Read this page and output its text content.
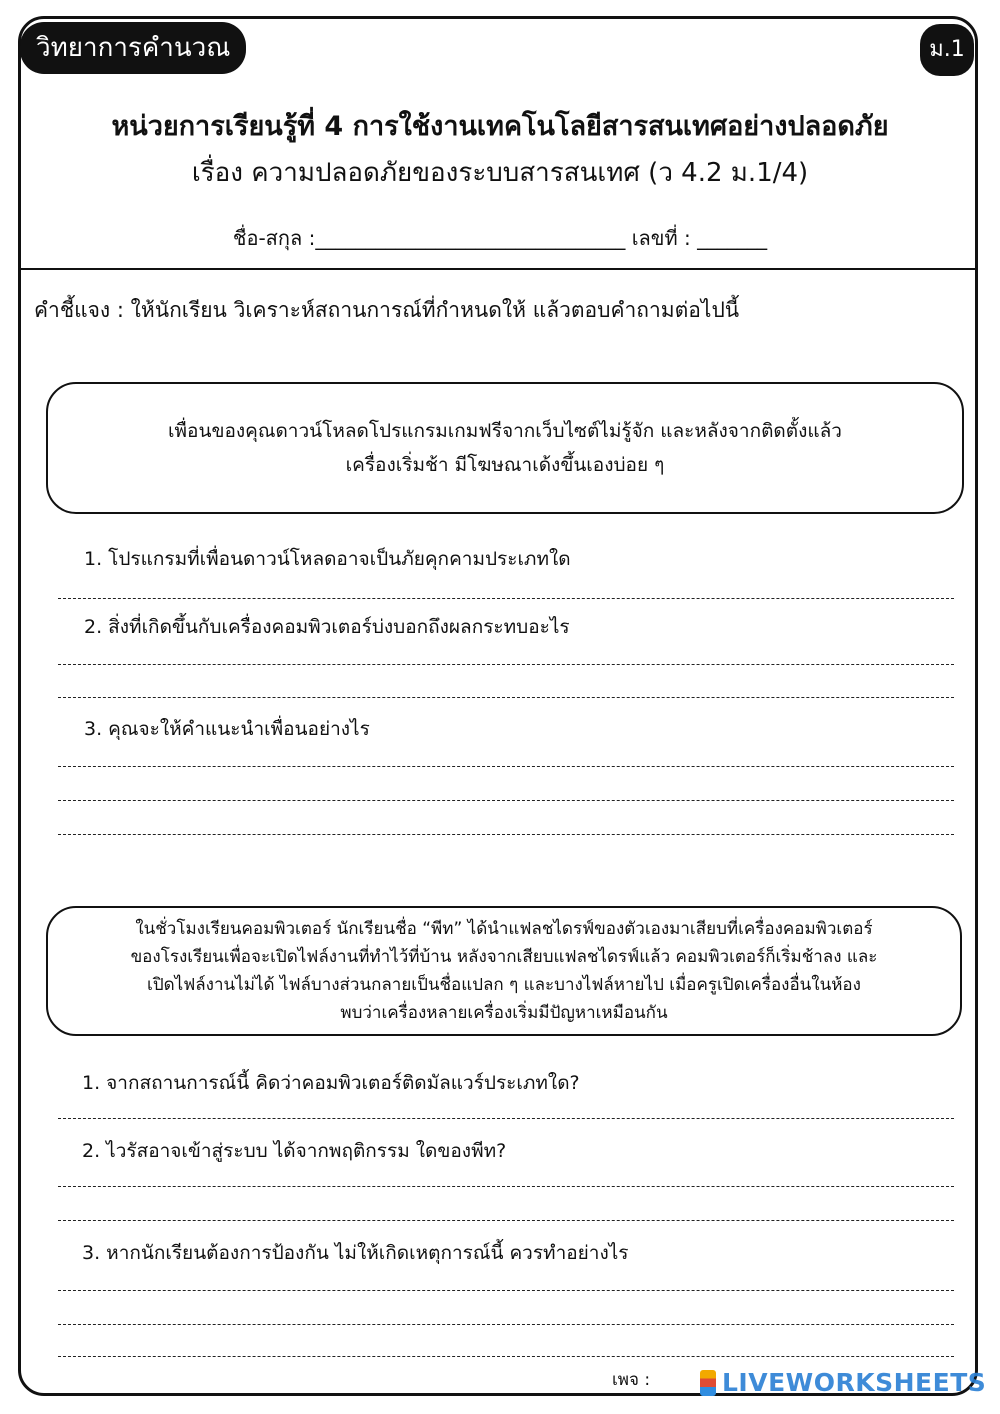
วิทยาการคำนวณ	ม.1
หน่วยการเรียนรู้ที่ 4 การใช้งานเทคโนโลยีสารสนเทศอย่างปลอดภัย
เรื่อง ความปลอดภัยของระบบสารสนเทศ (ว 4.2 ม.1/4)
ชื่อ-สกุล :_______________________________ เลขที่ : _______
คำชี้แจง : ให้นักเรียน วิเคราะห์สถานการณ์ที่กำหนดให้ แล้วตอบคำถามต่อไปนี้
เพื่อนของคุณดาวน์โหลดโปรแกรมเกมฟรีจากเว็บไซต์ไม่รู้จัก และหลังจากติดตั้งแล้ว
เครื่องเริ่มช้า มีโฆษณาเด้งขึ้นเองบ่อย ๆ
1. โปรแกรมที่เพื่อนดาวน์โหลดอาจเป็นภัยคุกคามประเภทใด
2. สิ่งที่เกิดขึ้นกับเครื่องคอมพิวเตอร์บ่งบอกถึงผลกระทบอะไร
3. คุณจะให้คำแนะนำเพื่อนอย่างไร
ในชั่วโมงเรียนคอมพิวเตอร์ นักเรียนชื่อ “พีท” ได้นำแฟลชไดรฟ์ของตัวเองมาเสียบที่เครื่องคอมพิวเตอร์
ของโรงเรียนเพื่อจะเปิดไฟล์งานที่ทำไว้ที่บ้าน หลังจากเสียบแฟลชไดรฟ์แล้ว คอมพิวเตอร์ก็เริ่มช้าลง และ
เปิดไฟล์งานไม่ได้ ไฟล์บางส่วนกลายเป็นชื่อแปลก ๆ และบางไฟล์หายไป เมื่อครูเปิดเครื่องอื่นในห้อง
พบว่าเครื่องหลายเครื่องเริ่มมีปัญหาเหมือนกัน
1. จากสถานการณ์นี้ คิดว่าคอมพิวเตอร์ติดมัลแวร์ประเภทใด?
2. ไวรัสอาจเข้าสู่ระบบ ได้จากพฤติกรรม ใดของพีท?
3. หากนักเรียนต้องการป้องกัน ไม่ให้เกิดเหตุการณ์นี้ ควรทำอย่างไร
เพจ :	LIVEWORKSHEETS
